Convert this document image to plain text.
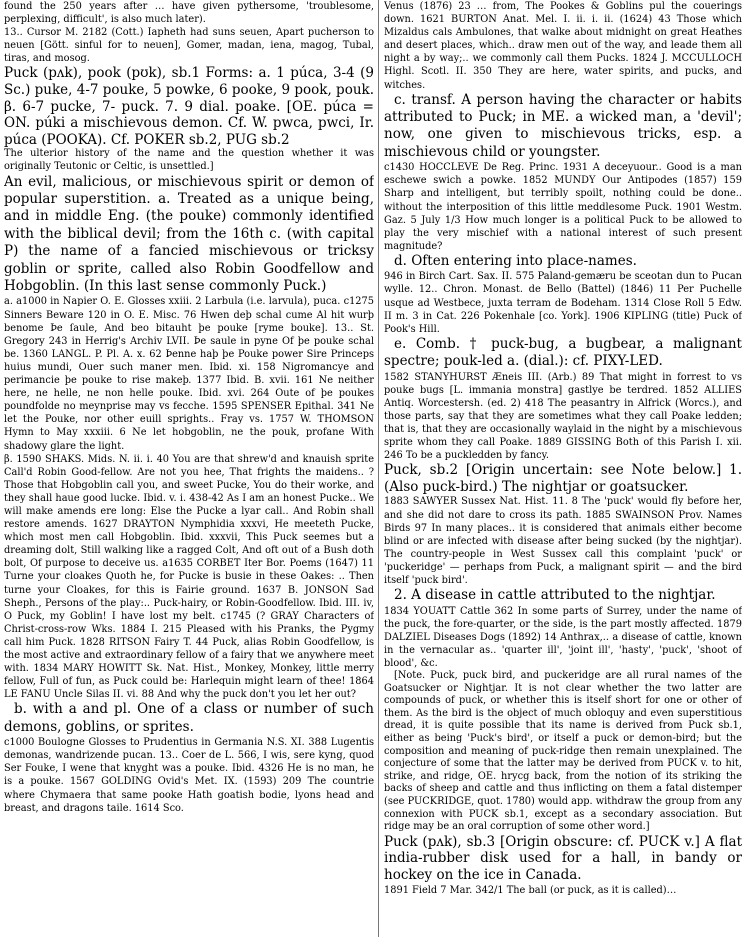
found the 250 years after … have given pythersome, 'troublesome, perplexing, difficult', is also much later).

13.. Cursor M. 2182 (Cott.) Iapheth had suns seuen, Apart pucherson to neuen [Gött. sinful for to neuen], Gomer, madan, iena, magog, Tubal, tiras, and mosog.

Puck (pʌk), pook (pʊk), sb.1 Forms: a. 1 púca, 3-4 (9 Sc.) puke, 4-7 pouke, 5 powke, 6 pooke, 9 pook, pouk. β. 6-7 pucke, 7- puck. 7. 9 dial. poake. [OE. púca = ON. púki a mischievous demon. Cf. W. pwca, pwci, Ir. púca (POOKA). Cf. POKER sb.2, PUG sb.2

The ulterior history of the name and the question whether it was originally Teutonic or Celtic, is unsettled.]

An evil, malicious, or mischievous spirit or demon of popular superstition. a. Treated as a unique being, and in middle Eng. (the pouke) commonly identified with the biblical devil; from the 16th c. (with capital P) the name of a fancied mischievous or tricksy goblin or sprite, called also Robin Goodfellow and Hobgoblin. (In this last sense commonly Puck.)

a. a1000 in Napier O. E. Glosses xxiii. 2 Larbula (i.e. larvula), puca. c1275 Sinners Beware 120 in O. E. Misc. 76 Hwen deþ schal cume Al hit wurþ benome Þe ſaule, And beo bitauht þe pouke [ryme bouke]. 13.. St. Gregory 243 in Herrig's Archiv LVII. Þe saule in pyne Of þe pouke schal be. 1360 LANGL. P. Pl. A. x. 62 Þenne haþ þe Pouke power Sire Princeps huius mundi, Ouer such maner men. Ibid. xi. 158 Nigromancye and perimancie þe pouke to rise makeþ. 1377 Ibid. B. xvii. 161 Ne neither here, ne helle, ne non helle pouke. Ibid. xvi. 264 Oute of þe poukes poundfolde no meynprise may vs fecche. 1595 SPENSER Epithal. 341 Ne let the Pouke, nor other euill sprights.. Fray vs. 1757 W. THOMSON Hymn to May xxxiii. 6 Ne let hobgoblin, ne the pouk, profane With shadowy glare the light.

β. 1590 SHAKS. Mids. N. ii. i. 40 You are that shrew'd and knauish sprite Call'd Robin Good-fellow. Are not you hee, That frights the maidens.. ? Those that Hobgoblin call you, and sweet Pucke, You do their worke, and they shall haue good lucke. Ibid. v. i. 438-42 As I am an honest Pucke.. We will make amends ere long: Else the Pucke a lyar call.. And Robin shall restore amends. 1627 DRAYTON Nymphidia xxxvi, He meeteth Pucke, which most men call Hobgoblin. Ibid. xxxvii, This Puck seemes but a dreaming dolt, Still walking like a ragged Colt, And oft out of a Bush doth bolt, Of purpose to deceive us. a1635 CORBET Iter Bor. Poems (1647) 11 Turne your cloakes Quoth he, for Pucke is busie in these Oakes: .. Then turne your Cloakes, for this is Fairie ground. 1637 B. JONSON Sad Sheph., Persons of the play:.. Puck-hairy, or Robin-Goodfellow. Ibid. III. iv, O Puck, my Goblin! I have lost my belt. c1745 (? GRAY Characters of Christ-cross-row Wks. 1884 I. 215 Pleased with his Pranks, the Pygmy call him Puck. 1828 RITSON Fairy T. 44 Puck, alias Robin Goodfellow, is the most active and extraordinary fellow of a fairy that we anywhere meet with. 1834 MARY HOWITT Sk. Nat. Hist., Monkey, Monkey, little merry fellow, Full of fun, as Puck could be: Harlequin might learn of thee! 1864 LE FANU Uncle Silas II. vi. 88 And why the puck don't you let her out?

b. with a and pl. One of a class or number of such demons, goblins, or sprites.

c1000 Boulogne Glosses to Prudentius in Germania N.S. XI. 388 Lugentis demonas, wandrizende pucan. 13.. Coer de L. 566, I wis, sere kyng, quod Ser Fouke, I wene that knyght was a pouke. Ibid. 4326 He is no man, he is a pouke. 1567 GOLDING Ovid's Met. IX. (1593) 209 The countrie where Chymaera that same pooke Hath goatish bodie, lyons head and breast, and dragons taile. 1614 Sco.

Venus (1876) 23 … from, The Pookes & Goblins pul the couerings down. 1621 BURTON Anat. Mel. I. ii. i. ii. (1624) 43 Those which Mizaldus cals Ambulones, that walke about midnight on great Heathes and desert places, which.. draw men out of the way, and leade them all night a by way;.. we commonly call them Pucks. 1824 J. MCCULLOCH Highl. Scotl. II. 350 They are here, water spirits, and pucks, and witches.

c. transf. A person having the character or habits attributed to Puck; in ME. a wicked man, a 'devil'; now, one given to mischievous tricks, esp. a mischievous child or youngster.

c1430 HOCCLEVE De Reg. Princ. 1931 A deceyuour.. Good is a man eschewe swich a powke. 1852 MUNDY Our Antipodes (1857) 159 Sharp and intelligent, but terribly spoilt, nothing could be done.. without the interposition of this little meddlesome Puck. 1901 Westm. Gaz. 5 July 1/3 How much longer is a political Puck to be allowed to play the very mischief with a national interest of such present magnitude?

d. Often entering into place-names.

946 in Birch Cart. Sax. II. 575 Paland-gemæru be sceotan dun to Pucan wylle. 12.. Chron. Monast. de Bello (Battel) (1846) 11 Per Puchelle usque ad Westbece, juxta terram de Bodeham. 1314 Close Roll 5 Edw. II m. 3 in Cat. 226 Pokenhale [co. York]. 1906 KIPLING (title) Puck of Pook's Hill.

e. Comb. † puck-bug, a bugbear, a malignant spectre; pouk-led a. (dial.): cf. PIXY-LED.

1582 STANYHURST Æneis III. (Arb.) 89 That might in forrest to vs pouke bugs [L. immania monstra] gastlye be terdred. 1852 ALLIES Antiq. Worcestersh. (ed. 2) 418 The peasantry in Alfrick (Worcs.), and those parts, say that they are sometimes what they call Poake ledden; that is, that they are occasionally waylaid in the night by a mischievous sprite whom they call Poake. 1889 GISSING Both of this Parish I. xii. 246 To be a puckledden by fancy.

Puck, sb.2 [Origin uncertain: see Note below.] 1. (Also puck-bird.) The nightjar or goatsucker.

1883 SAWYER Sussex Nat. Hist. 11. 8 The 'puck' would fly before her, and she did not dare to cross its path. 1885 SWAINSON Prov. Names Birds 97 In many places.. it is considered that animals either become blind or are infected with disease after being sucked (by the nightjar). The country-people in West Sussex call this complaint 'puck' or 'puckeridge' — perhaps from Puck, a malignant spirit — and the bird itself 'puck bird'.

2. A disease in cattle attributed to the nightjar.

1834 YOUATT Cattle 362 In some parts of Surrey, under the name of the puck, the fore-quarter, or the side, is the part mostly affected. 1879 DALZIEL Diseases Dogs (1892) 14 Anthrax,.. a disease of cattle, known in the vernacular as.. 'quarter ill', 'joint ill', 'hasty', 'puck', 'shoot of blood', &c.

[Note. Puck, puck bird, and puckeridge are all rural names of the Goatsucker or Nightjar. It is not clear whether the two latter are compounds of puck, or whether this is itself short for one or other of them. As the bird is the object of much obloquy and even superstitious dread, it is quite possible that its name is derived from Puck sb.1, either as being 'Puck's bird', or itself a puck or demon-bird; but the composition and meaning of puck-ridge then remain unexplained. The conjecture of some that the latter may be derived from PUCK v. to hit, strike, and ridge, OE. hrycg back, from the notion of its striking the backs of sheep and cattle and thus inflicting on them a fatal distemper (see PUCKRIDGE, quot. 1780) would app. withdraw the group from any connexion with PUCK sb.1, except as a secondary association. But ridge may be an oral corruption of some other word.]

Puck (pʌk), sb.3 [Origin obscure: cf. PUCK v.] A flat india-rubber disk used for a hall, in bandy or hockey on the ice in Canada.

1891 Field 7 Mar. 342/1 The ball (or puck, as it is called)…
